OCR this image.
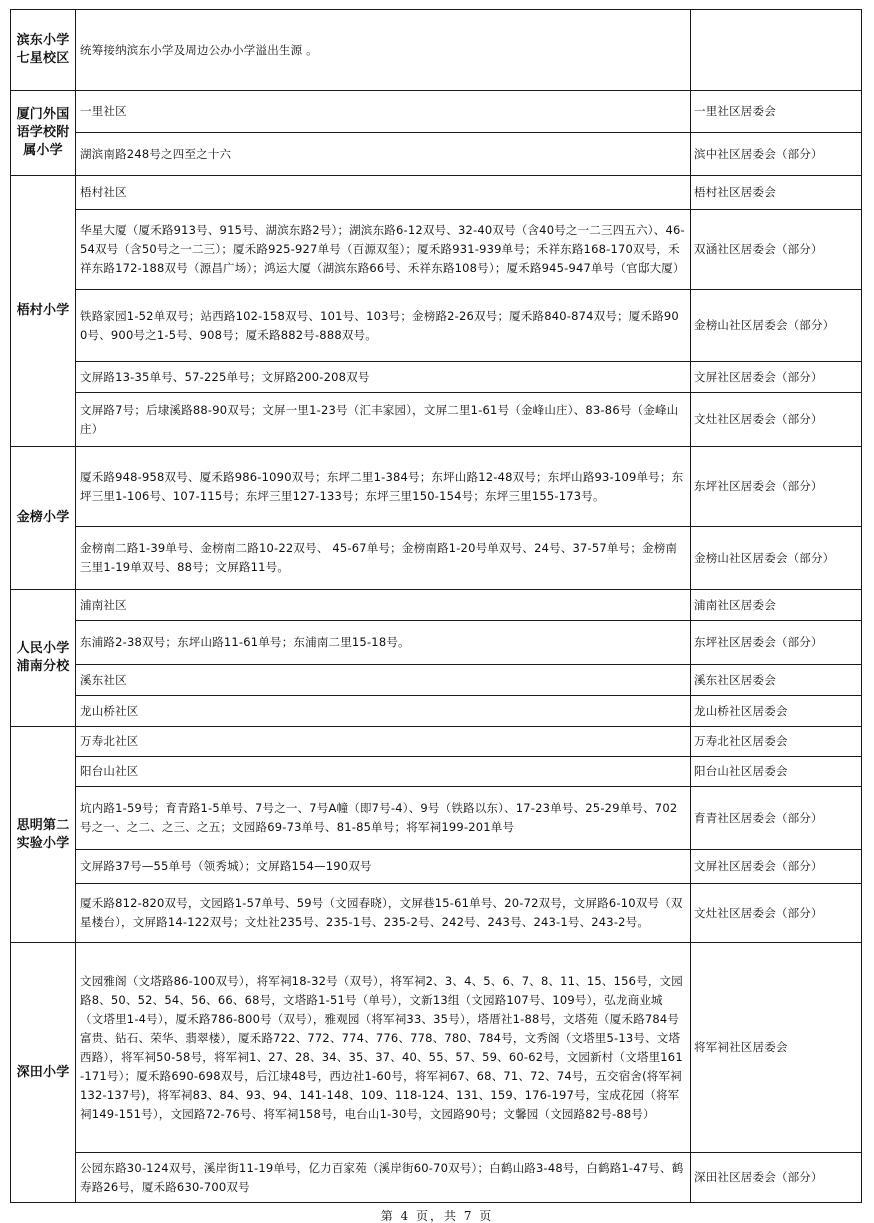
滨东小学七星校区	统筹接纳滨东小学及周边公办小学溢出生源 。	
厦门外国语学校附属小学	一里社区	一里社区居委会
	湖滨南路248号之四至之十六	滨中社区居委会（部分）
梧村小学	梧村社区	梧村社区居委会
	华星大厦（厦禾路913号、915号、湖滨东路2号）；湖滨东路6-12双号、32-40双号（含40号之一二三四五六）、46-54双号（含50号之一二三）；厦禾路925-927单号（百源双玺）；厦禾路931-939单号；禾祥东路168-170双号，禾祥东路172-188双号（源昌广场）；鸿运大厦（湖滨东路66号、禾祥东路108号）；厦禾路945-947单号（官邸大厦）	双涵社区居委会（部分）
	铁路家园1-52单双号；站西路102-158双号、101号、103号；金榜路2-26双号；厦禾路840-874双号；厦禾路900号、900号之1-5号、908号；厦禾路882号-888双号。	金榜山社区居委会（部分）
	文屏路13-35单号、57-225单号；文屏路200-208双号	文屏社区居委会（部分）
	文屏路7号；后埭溪路88-90双号；文屏一里1-23号（汇丰家园），文屏二里1-61号（金峰山庄）、83-86号（金峰山庄）	文灶社区居委会（部分）
金榜小学	厦禾路948-958双号、厦禾路986-1090双号；东坪二里1-384号；东坪山路12-48双号；东坪山路93-109单号；东坪三里1-106号、107-115号；东坪三里127-133号；东坪三里150-154号；东坪三里155-173号。	东坪社区居委会（部分）
	金榜南二路1-39单号、金榜南二路10-22双号、 45-67单号；金榜南路1-20号单双号、24号、37-57单号；金榜南三里1-19单双号、88号；文屏路11号。	金榜山社区居委会（部分）
人民小学浦南分校	浦南社区	浦南社区居委会
	东浦路2-38双号；东坪山路11-61单号；东浦南二里15-18号。	东坪社区居委会（部分）
	溪东社区	溪东社区居委会
	龙山桥社区	龙山桥社区居委会
思明第二实验小学	万寿北社区	万寿北社区居委会
	阳台山社区	阳台山社区居委会
	坑内路1-59号；育青路1-5单号、7号之一、7号A幢（即7号-4）、9号（铁路以东）、17-23单号、25-29单号、702号之一、之二、之三、之五；文园路69-73单号、81-85单号；将军祠199-201单号	育青社区居委会（部分）
	文屏路37号—55单号（领秀城）；文屏路154—190双号	文屏社区居委会（部分）
	厦禾路812-820双号，文园路1-57单号、59号（文园春晓），文屏巷15-61单号、20-72双号，文屏路6-10双号（双星楼台），文屏路14-122双号；文灶社235号、235-1号、235-2号、242号、243号、243-1号、243-2号。	文灶社区居委会（部分）
深田小学	文园雅阁（文塔路86-100双号），将军祠18-32号（双号），将军祠2、3、4、5、6、7、8、11、15、156号，文园路8、50、52、54、56、66、68号，文塔路1-51号（单号），文新13组（文园路107号、109号），弘龙商业城（文塔里1-4号），厦禾路786-800号（双号），雅观园（将军祠33、35号），塔厝社1-88号，文塔苑（厦禾路784号富贵、钻石、荣华、翡翠楼），厦禾路722、772、774、776、778、780、784号，文秀阁（文塔里5-13号、文塔西路），将军祠50-58号，将军祠1、27、28、34、35、37、40、55、57、59、60-62号，文园新村（文塔里161-171号）；厦禾路690-698双号，后江埭48号，西边社1-60号，将军祠67、68、71、72、74号，五交宿舍(将军祠132-137号)，将军祠83、84、93、94、141-148、109、118-124、131、159、176-197号，宝成花园（将军祠149-151号），文园路72-76号、将军祠158号，电台山1-30号，文园路90号；文馨园（文园路82号-88号）	将军祠社区居委会
	公园东路30-124双号，溪岸街11-19单号，亿力百家苑（溪岸街60-70双号）；白鹤山路3-48号，白鹤路1-47号、鹤寿路26号，厦禾路630-700双号	深田社区居委会（部分）
第 4 页，共 7 页
